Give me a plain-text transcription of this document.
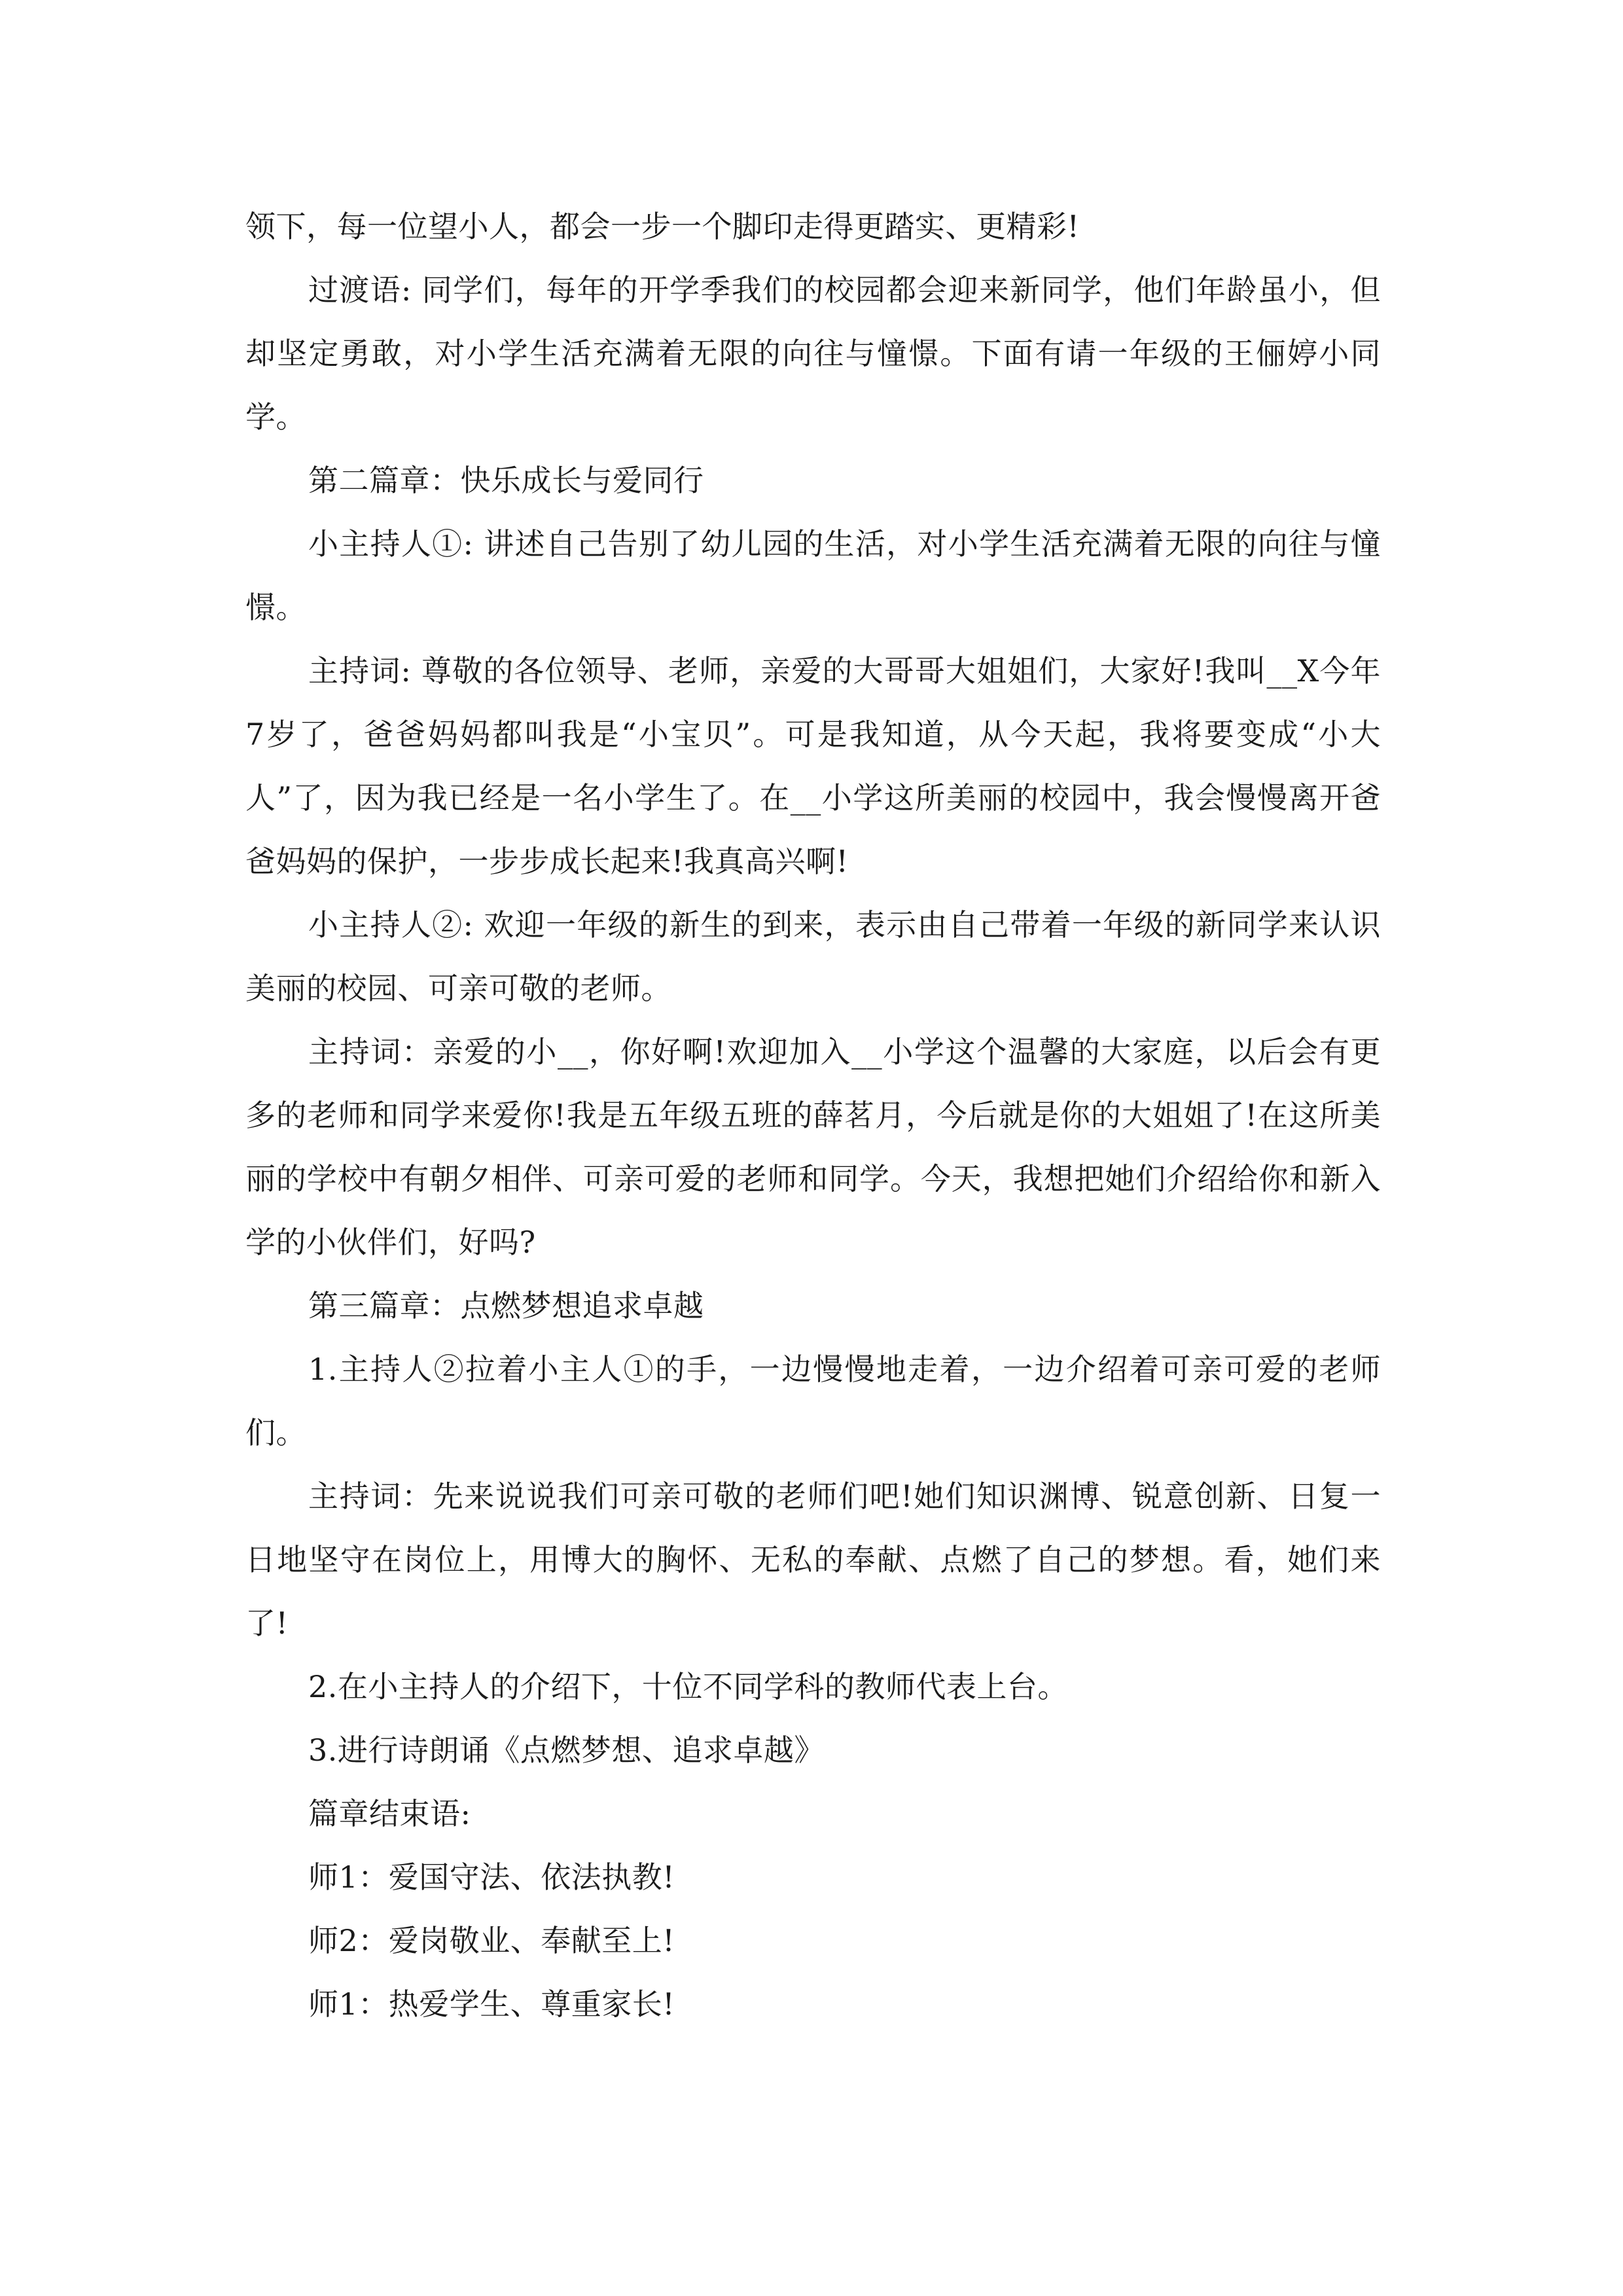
领下，每一位望小人，都会一步一个脚印走得更踏实、更精彩!

过渡语: 同学们，每年的开学季我们的校园都会迎来新同学，他们年龄虽小，但却坚定勇敢，对小学生活充满着无限的向往与憧憬。下面有请一年级的王俪婷小同学。

第二篇章：快乐成长与爱同行

小主持人①: 讲述自己告别了幼儿园的生活，对小学生活充满着无限的向往与憧憬。

主持词: 尊敬的各位领导、老师，亲爱的大哥哥大姐姐们，大家好!我叫__X今年7岁了，爸爸妈妈都叫我是“小宝贝”。可是我知道，从今天起，我将要变成“小大人”了，因为我已经是一名小学生了。在__小学这所美丽的校园中，我会慢慢离开爸爸妈妈的保护，一步步成长起来!我真高兴啊!

小主持人②: 欢迎一年级的新生的到来，表示由自己带着一年级的新同学来认识美丽的校园、可亲可敬的老师。

主持词：亲爱的小__，你好啊!欢迎加入__小学这个温馨的大家庭，以后会有更多的老师和同学来爱你!我是五年级五班的薛茗月，今后就是你的大姐姐了!在这所美丽的学校中有朝夕相伴、可亲可爱的老师和同学。今天，我想把她们介绍给你和新入学的小伙伴们，好吗?

第三篇章：点燃梦想追求卓越

1.主持人②拉着小主人①的手，一边慢慢地走着，一边介绍着可亲可爱的老师们。

主持词：先来说说我们可亲可敬的老师们吧!她们知识渊博、锐意创新、日复一日地坚守在岗位上，用博大的胸怀、无私的奉献、点燃了自己的梦想。看，她们来了!

2.在小主持人的介绍下，十位不同学科的教师代表上台。

3.进行诗朗诵《点燃梦想、追求卓越》

篇章结束语:

师1：爱国守法、依法执教!

师2：爱岗敬业、奉献至上!

师1：热爱学生、尊重家长!
